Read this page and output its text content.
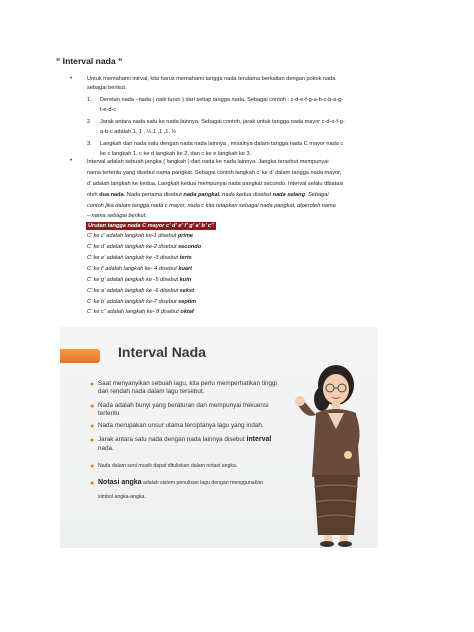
“ Interval nada “
•	Untuk memahami intrval, kita harus memahami tangga nada terutama berkaitan dengan pokok nada
sebagai berikut.
1. Deretan nada –nada ( naik turun ) dari setiap tangga nada. Sebagai contoh : c-d-e-f-g-a-b-c-b-a-g-
f-e-d-c
2. Jarak antara nada satu ke nada lainnya. Sebagai contoh, jarak untuk tangga nada mayor c-d-e-f-g-
a-b-c adalah 1, 1 , ½,1 ,1 ,1, ½
3. Langkah dari nada satu dengan nada nada lainnya , misalnya dalam tangga nada C mayor nada c
ke c langkah 1, c ke d langkah ke 2, dan c ke e langkah ke 3.
•	Interval adalah sebuah jangka ( langkah ) dari nada ke nada lainnya. Jangka tersebut mempunyai
nama tertentu yang disebut nama pangkat. Sebagai contoh langkah c’ ke d’ dalam tangga nada mayor,
d’ adalah langkah ke kedua. Langkah kedua mempunyai nada pangkat secondo. Interval selalu dibatasi
oleh dua nada. Nada pertama disebut nada pangkal, nada kedua disebut nada selang. Sebagai
contoh jika dalam tangga nada c mayor, nada c kita tetapkan sebagai nada pangkat, diperoleh nama
– nama sebagai berikut.
Urutan tangga nada C mayor c’ d’ e’ f’ g’ a’ b’ c’’
C’ ke c’ adalah langkah ke-1 disebut prime
C’ ke d’ adalah langkah ke-2 disebut secondo
C’ ke e’ adalah langkah ke -3 disebut terts
C’ ke f’ adalah langkah ke- 4 disebut kuart
C’ ke g’ adalah langkah ke -5 disebut kuin
C’ ke a’ adalah langkah ke -6 disebut sekst
C’ ke b’ adalah langkah ke-7 disebut septim
C’ ke c’’ adalah langkah ke- 8 disebut oktaf
Interval Nada
● Saat menyanyikan sebuah lagu, kita perlu memperhatikan tinggi
dan rendah nada dalam lagu tersebut.
● Nada adalah bunyi yang beraturan dan mempunyai frekuensi
tertentu
● Nada merupakan unsur utama terciptanya lagu yang indah.
● Jarak antara satu nada dengan nada lainnya disebut interval
nada.
● Nada dalam seni musik dapat dituliskan dalam notasi angka.
● Notasi angka adalah sistem penulisan lagu dengan menggunakan
simbol angka-angka.
